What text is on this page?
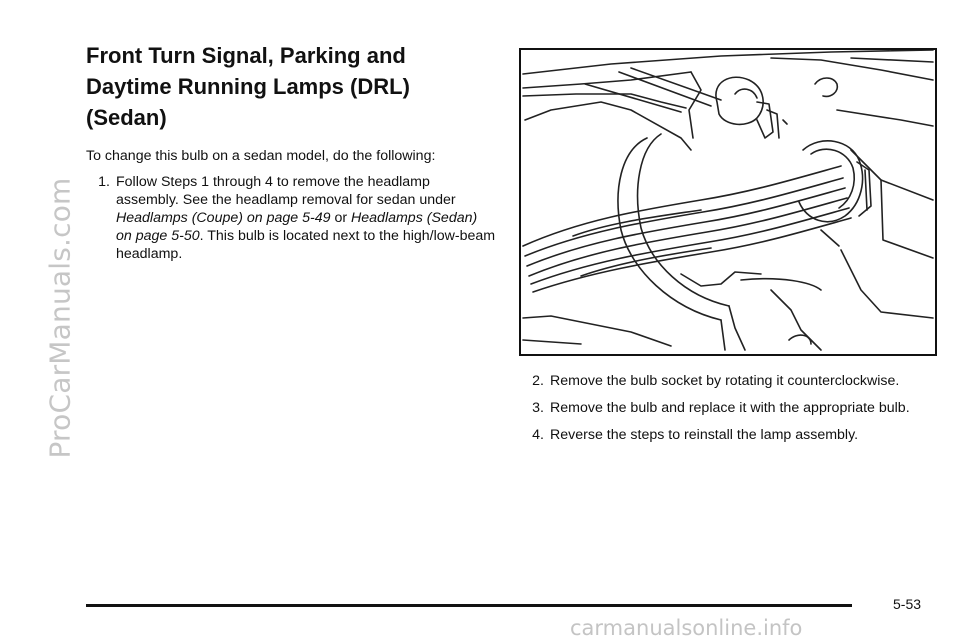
ProCarManuals.com
Front Turn Signal, Parking and
Daytime Running Lamps (DRL)
(Sedan)

To change this bulb on a sedan model, do the following:

1. Follow Steps 1 through 4 to remove the headlamp assembly. See the headlamp removal for sedan under Headlamps (Coupe) on page 5-49 or Headlamps (Sedan) on page 5-50. This bulb is located next to the high/low-beam headlamp.
2. Remove the bulb socket by rotating it counterclockwise.
3. Remove the bulb and replace it with the appropriate bulb.
4. Reverse the steps to reinstall the lamp assembly.
5-53
carmanualsonline.info
